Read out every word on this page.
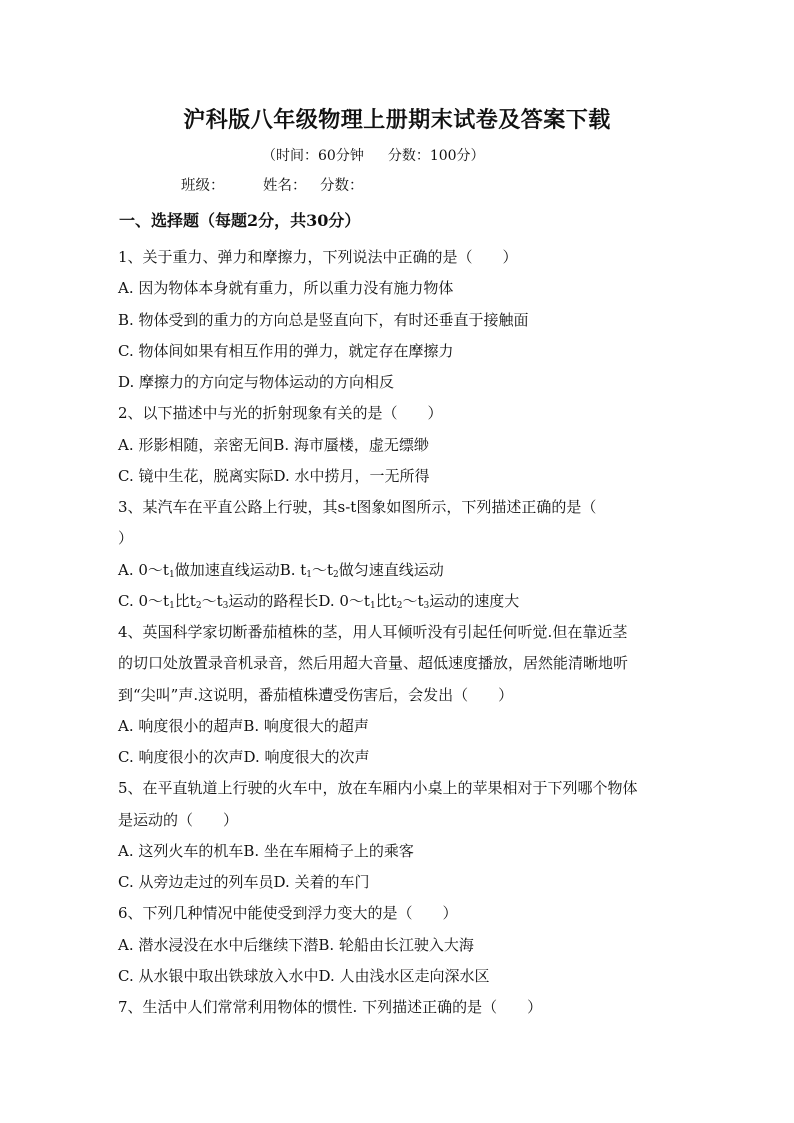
沪科版八年级物理上册期末试卷及答案下载
（时间：60分钟 分数：100分）
班级：	姓名： 分数：
一、选择题（每题2分，共30分）
1、关于重力、弹力和摩擦力，下列说法中正确的是（　　）
A. 因为物体本身就有重力，所以重力没有施力物体
B. 物体受到的重力的方向总是竖直向下，有时还垂直于接触面
C. 物体间如果有相互作用的弹力，就定存在摩擦力
D. 摩擦力的方向定与物体运动的方向相反
2、以下描述中与光的折射现象有关的是（　　）
A. 形影相随，亲密无间B. 海市蜃楼，虚无缥缈
C. 镜中生花，脱离实际D. 水中捞月，一无所得
3、某汽车在平直公路上行驶，其s-t图象如图所示，下列描述正确的是（
）
A. $0\sim t_1$做加速直线运动B. $t_1\sim t_2$做匀速直线运动
C. $0\sim t_1$比$t_2\sim t_3$运动的路程长D. $0\sim t_1$比$t_2\sim t_3$运动的速度大
4、英国科学家切断番茄植株的茎，用人耳倾听没有引起任何听觉.但在靠近茎
的切口处放置录音机录音，然后用超大音量、超低速度播放，居然能清晰地听
到“尖叫”声.这说明，番茄植株遭受伤害后，会发出（　　）
A. 响度很小的超声B. 响度很大的超声
C. 响度很小的次声D. 响度很大的次声
5、在平直轨道上行驶的火车中，放在车厢内小桌上的苹果相对于下列哪个物体
是运动的（　　）
A. 这列火车的机车B. 坐在车厢椅子上的乘客
C. 从旁边走过的列车员D. 关着的车门
6、下列几种情况中能使受到浮力变大的是（　　）
A. 潜水浸没在水中后继续下潜B. 轮船由长江驶入大海
C. 从水银中取出铁球放入水中D. 人由浅水区走向深水区
7、生活中人们常常利用物体的惯性. 下列描述正确的是（　　）
